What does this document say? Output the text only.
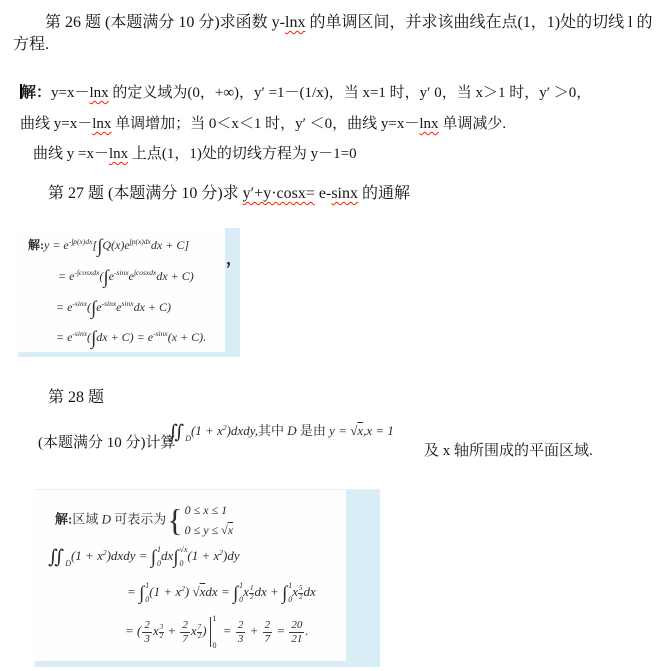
第 26 题 (本题满分 10 分)求函数 y-lnx 的单调区间，并求该曲线在点(1，1)处的切线 l 的
方程.
解：y=x－lnx 的定义域为(0，+∞)，y′ =1－(1/x)，当 x=1 时，y′ 0，当 x＞1 时，y′ ＞0，
曲线 y=x－lnx 单调增加；当 0＜x＜1 时，y′ ＜0，曲线 y=x－lnx 单调减少.
曲线 y =x－lnx 上点(1，1)处的切线方程为 y－1=0
第 27 题 (本题满分 10 分)求 y′+y·cosx= e-sinx 的通解
解:y = $e^{-\int p(x)dx}[\int Q(x)e^{\int p(x)dx}dx + C]$
= $e^{-\int cosxdx}(\int e^{-sinx}e^{\int cosxdx}dx + C)$
= $e^{-sinx}(\int e^{-sinx}e^{sinx}dx + C)$
= $e^{-sinx}(\int dx + C) = e^{-sinx}(x + C)$.
，
第 28 题
(本题满分 10 分)计算
∬ D
$(1 + x^2)dxdy$,其中 D 是由 y = √x,x = 1
及 x 轴所围成的平面区域.
解:区域 D 可表示为 { 0 ≤ x ≤ 1
0 ≤ y ≤ √x
∬ D
$(1 + x^2)dxdy$ = ∫ 1
0
dx ∫ √x
0
$(1 + x^2)dy$
= ∫ 1
0
$(1 + x^2)$ √xdx = ∫ 1
0
x $\frac{1}{2}$ dx + ∫ 1
0
x $\frac{5}{2}$ dx
= ( $\frac{2}{3}$ x $\frac{3}{2} + \frac{2}{7}$ x $\frac{7}{2}$ )
1
0
= $\frac{2}{3} + \frac{2}{7} = \frac{20}{21}$ .
